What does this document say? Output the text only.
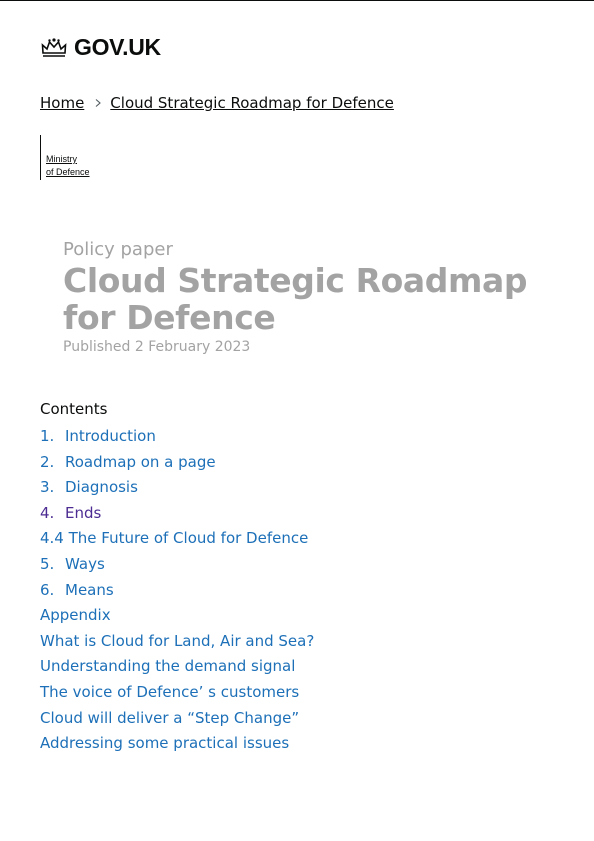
GOV.UK
Home Cloud Strategic Roadmap for Defence
Ministry
of Defence
Policy paper
Cloud Strategic Roadmap for Defence
Published 2 February 2023
Contents
1. Introduction
2. Roadmap on a page
3. Diagnosis
4. Ends
4.4 The Future of Cloud for Defence
5. Ways
6. Means
Appendix
What is Cloud for Land, Air and Sea?
Understanding the demand signal
The voice of Defence’ s customers
Cloud will deliver a “Step Change”
Addressing some practical issues
